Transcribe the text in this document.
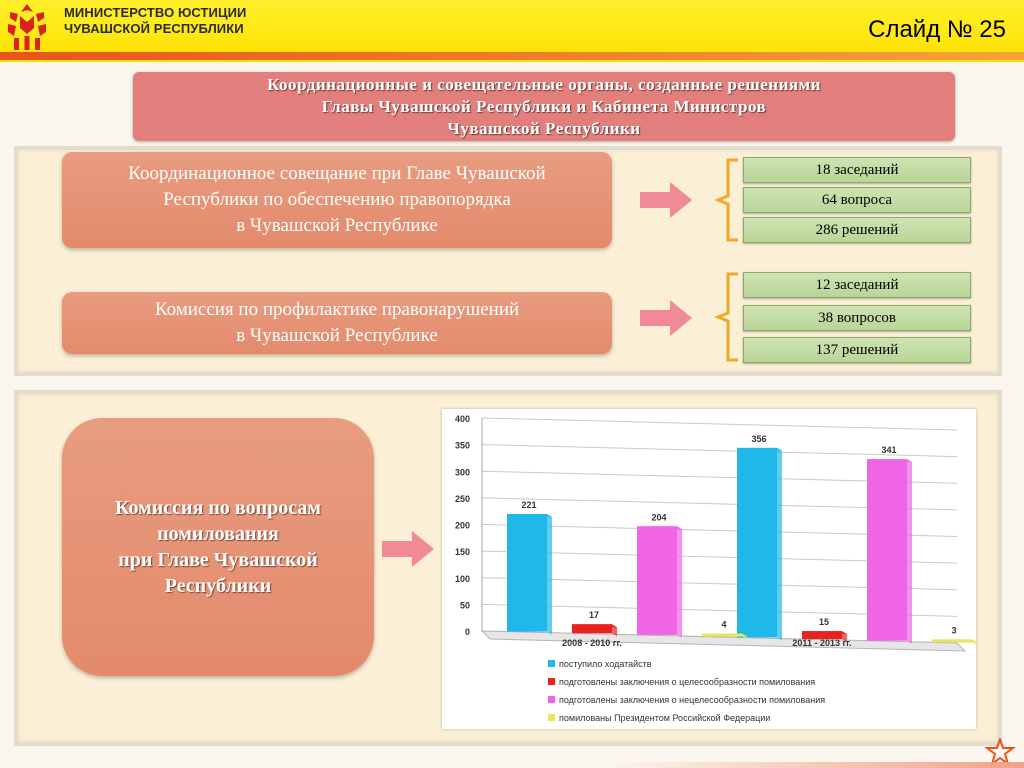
МИНИСТЕРСТВО ЮСТИЦИИ
ЧУВАШСКОЙ РЕСПУБЛИКИ	Слайд № 25
Координационные и совещательные органы, созданные решениями
Главы Чувашской Республики и Кабинета Министров
Чувашской Республики
Координационное совещание при Главе Чувашской
Республики по обеспечению правопорядка
в Чувашской Республике
18 заседаний
64 вопроса
286 решений
Комиссия по профилактике правонарушений
в Чувашской Республике
12 заседаний
38 вопросов
137 решений
Комиссия по вопросам
помилования
при Главе Чувашской
Республики
0
50
100
150
200
250
300
350
400
221
356
17
15
204
341
4
3
2008 - 2010 гг.	2011 - 2013 гг.
поступило ходатайств
подготовлены заключения о целесообразности помилования
подготовлены заключения о нецелесообразности помилования
помилованы Президентом Российской Федерации
